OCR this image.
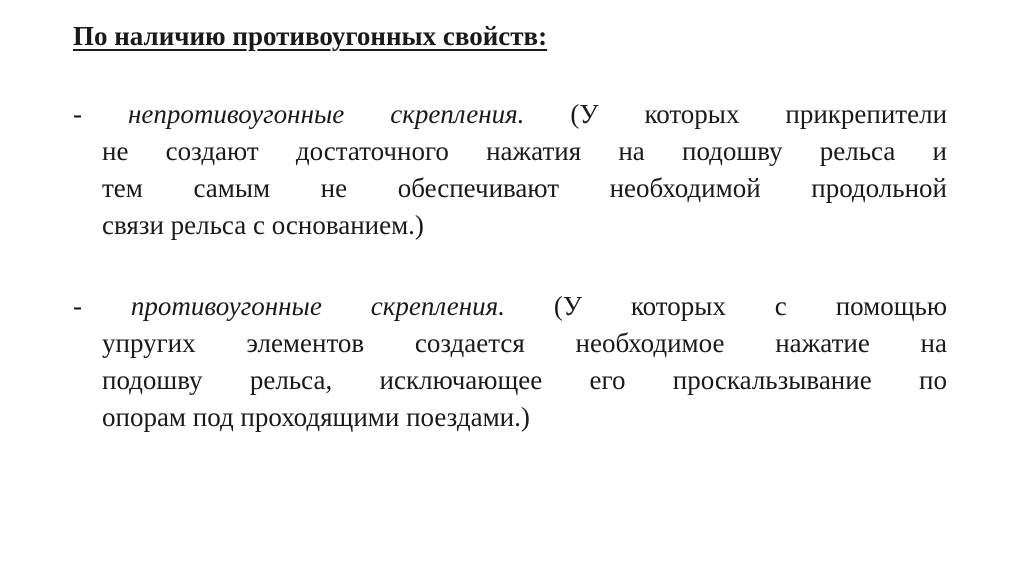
По наличию противоугонных свойств:
- непротивоугонные скрепления. (У которых прикрепители
не создают достаточного нажатия на подошву рельса и
тем самым не обеспечивают необходимой продольной
связи рельса с основанием.)
- противоугонные скрепления. (У которых с помощью
упругих элементов создается необходимое нажатие на
подошву рельса, исключающее его проскальзывание по
опорам под проходящими поездами.)
